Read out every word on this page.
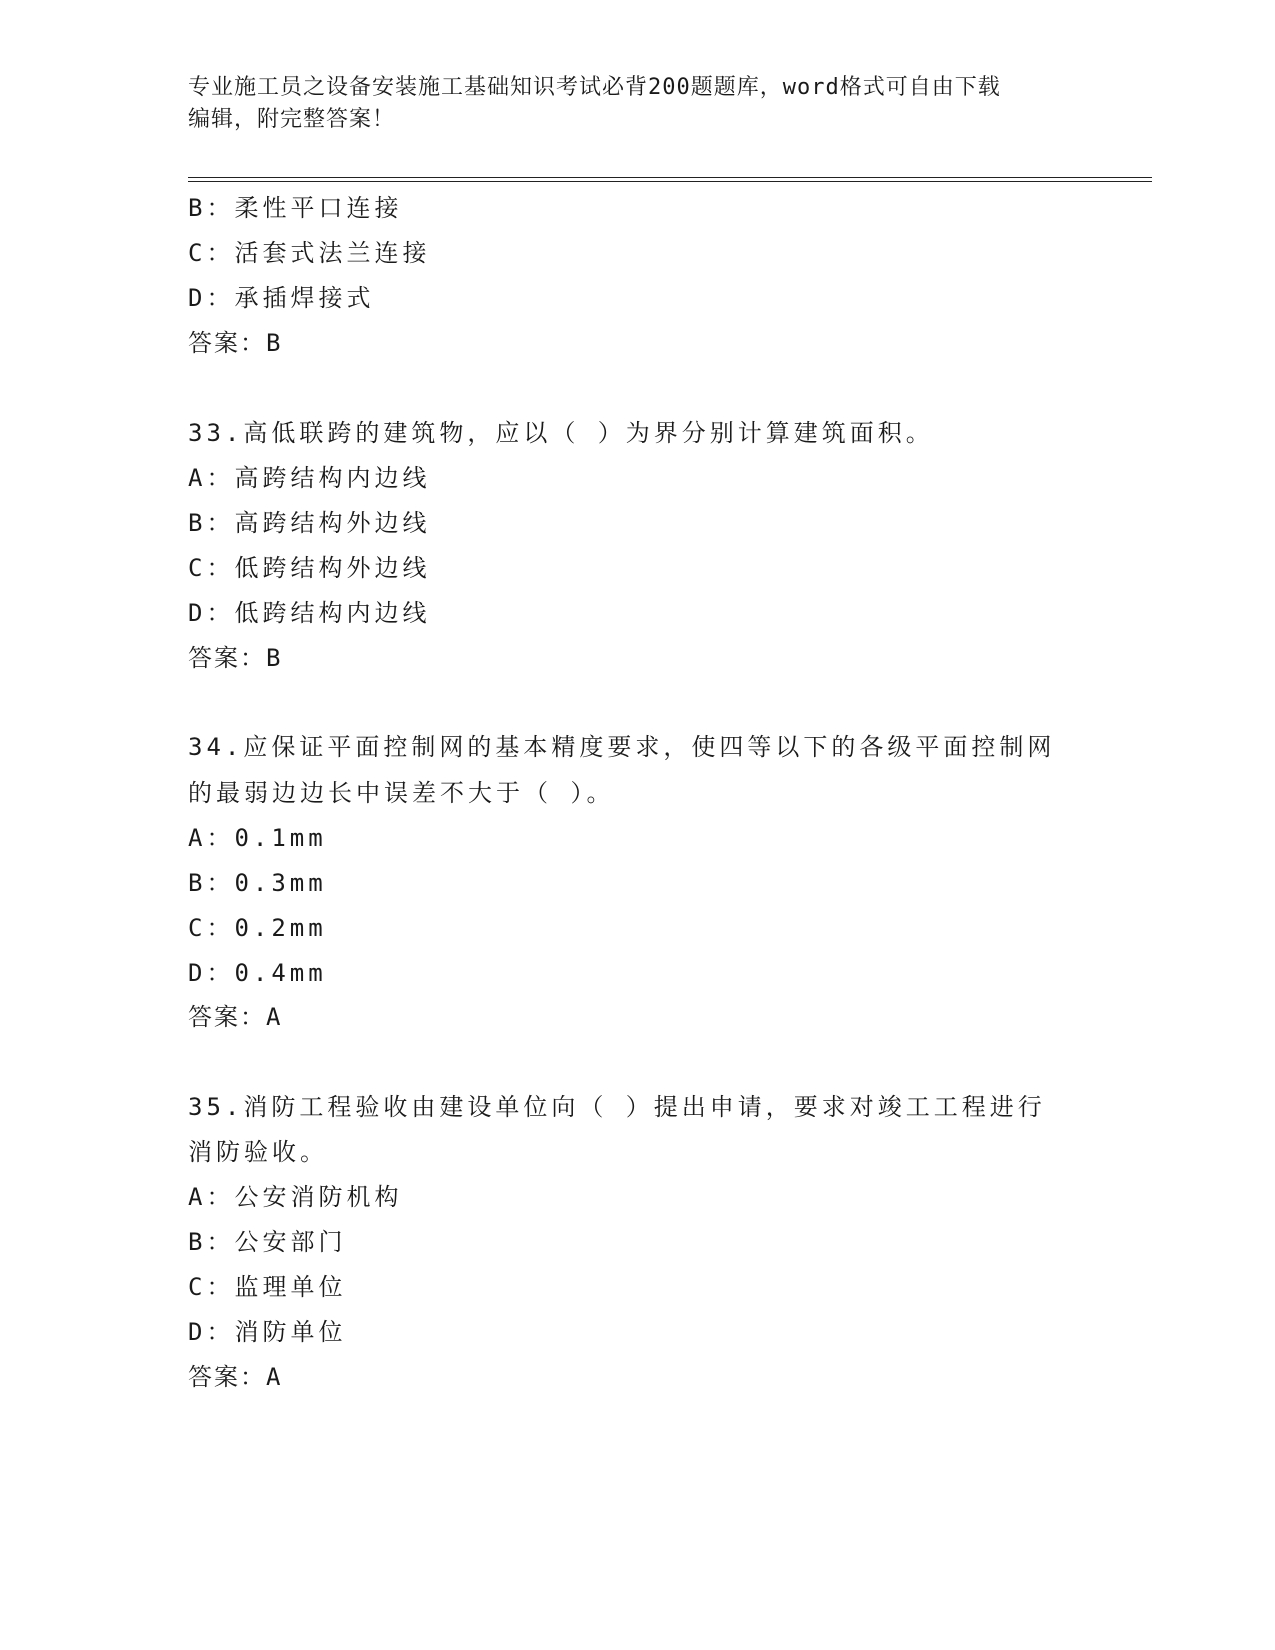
专业施工员之设备安装施工基础知识考试必背200题题库，word格式可自由下载
编辑，附完整答案！
B：柔性平口连接
C：活套式法兰连接
D：承插焊接式
答案：B
33.高低联跨的建筑物，应以（ ）为界分别计算建筑面积。
A：高跨结构内边线
B：高跨结构外边线
C：低跨结构外边线
D：低跨结构内边线
答案：B
34.应保证平面控制网的基本精度要求，使四等以下的各级平面控制网
的最弱边边长中误差不大于（ ）。
A：0.1mm
B：0.3mm
C：0.2mm
D：0.4mm
答案：A
35.消防工程验收由建设单位向（ ）提出申请，要求对竣工工程进行
消防验收。
A：公安消防机构
B：公安部门
C：监理单位
D：消防单位
答案：A
